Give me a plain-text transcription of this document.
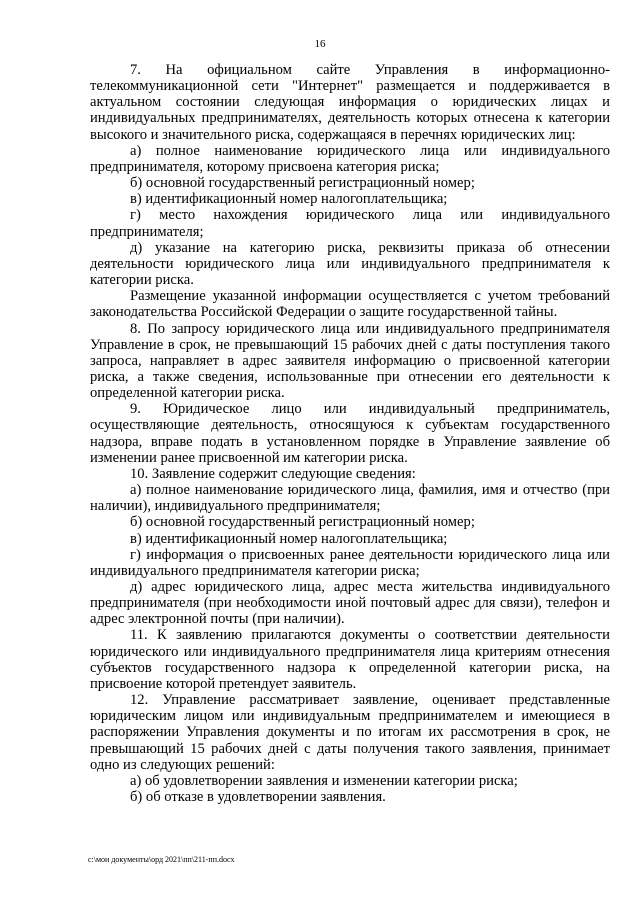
16

7. На официальном сайте Управления в информационно-телекоммуникационной сети "Интернет" размещается и поддерживается в актуальном состоянии следующая информация о юридических лицах и индивидуальных предпринимателях, деятельность которых отнесена к категории высокого и значительного риска, содержащаяся в перечнях юридических лиц:

а) полное наименование юридического лица или индивидуального предпринимателя, которому присвоена категория риска;

б) основной государственный регистрационный номер;

в) идентификационный номер налогоплательщика;

г) место нахождения юридического лица или индивидуального предпринимателя;

д) указание на категорию риска, реквизиты приказа об отнесении деятельности юридического лица или индивидуального предпринимателя к категории риска.

Размещение указанной информации осуществляется с учетом требований законодательства Российской Федерации о защите государственной тайны.

8. По запросу юридического лица или индивидуального предпринимателя Управление в срок, не превышающий 15 рабочих дней с даты поступления такого запроса, направляет в адрес заявителя информацию о присвоенной категории риска, а также сведения, использованные при отнесении его деятельности к определенной категории риска.

9. Юридическое лицо или индивидуальный предприниматель, осуществляющие деятельность, относящуюся к субъектам государственного надзора, вправе подать в установленном порядке в Управление заявление об изменении ранее присвоенной им категории риска.

10. Заявление содержит следующие сведения:

а) полное наименование юридического лица, фамилия, имя и отчество (при наличии), индивидуального предпринимателя;

б) основной государственный регистрационный номер;

в) идентификационный номер налогоплательщика;

г) информация о присвоенных ранее деятельности юридического лица или индивидуального предпринимателя категории риска;

д) адрес юридического лица, адрес места жительства индивидуального предпринимателя (при необходимости иной почтовый адрес для связи), телефон и адрес электронной почты (при наличии).

11. К заявлению прилагаются документы о соответствии деятельности юридического или индивидуального предпринимателя лица критериям отнесения субъектов государственного надзора к определенной категории риска, на присвоение которой претендует заявитель.

12. Управление рассматривает заявление, оценивает представленные юридическим лицом или индивидуальным предпринимателем и имеющиеся в распоряжении Управления документы и по итогам их рассмотрения в срок, не превышающий 15 рабочих дней с даты получения такого заявления, принимает одно из следующих решений:

а) об удовлетворении заявления и изменении категории риска;

б) об отказе в удовлетворении заявления.

c:\мои документы\орд 2021\пп\211-пп.docx
